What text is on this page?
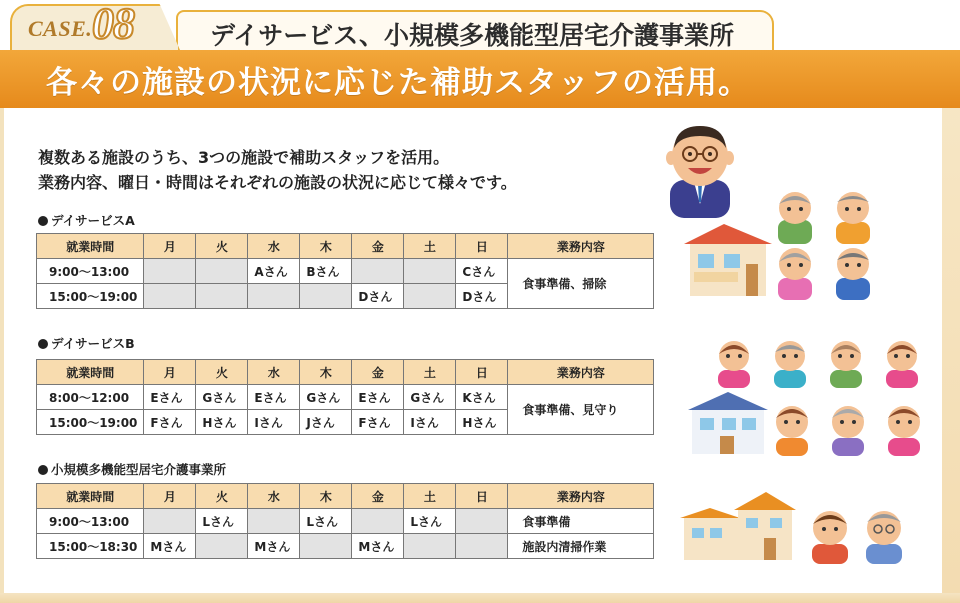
CASE. 08	デイサービス、小規模多機能型居宅介護事業所
各々の施設の状況に応じた補助スタッフの活用。
複数ある施設のうち、3つの施設で補助スタッフを活用。
業務内容、曜日・時間はそれぞれの施設の状況に応じて様々です。
デイサービスA
就業時間	月	火	水	木	金	土	日	業務内容
9:00〜13:00			Aさん	Bさん			Cさん	食事準備、掃除
15:00〜19:00					Dさん		Dさん	
デイサービスB
就業時間	月	火	水	木	金	土	日	業務内容
8:00〜12:00	Eさん	Gさん	Eさん	Gさん	Eさん	Gさん	Kさん	食事準備、見守り
15:00〜19:00	Fさん	Hさん	Iさん	Jさん	Fさん	Iさん	Hさん	
小規模多機能型居宅介護事業所
就業時間	月	火	水	木	金	土	日	業務内容
9:00〜13:00		Lさん		Lさん		Lさん		食事準備
15:00〜18:30	Mさん		Mさん		Mさん			施設内清掃作業
